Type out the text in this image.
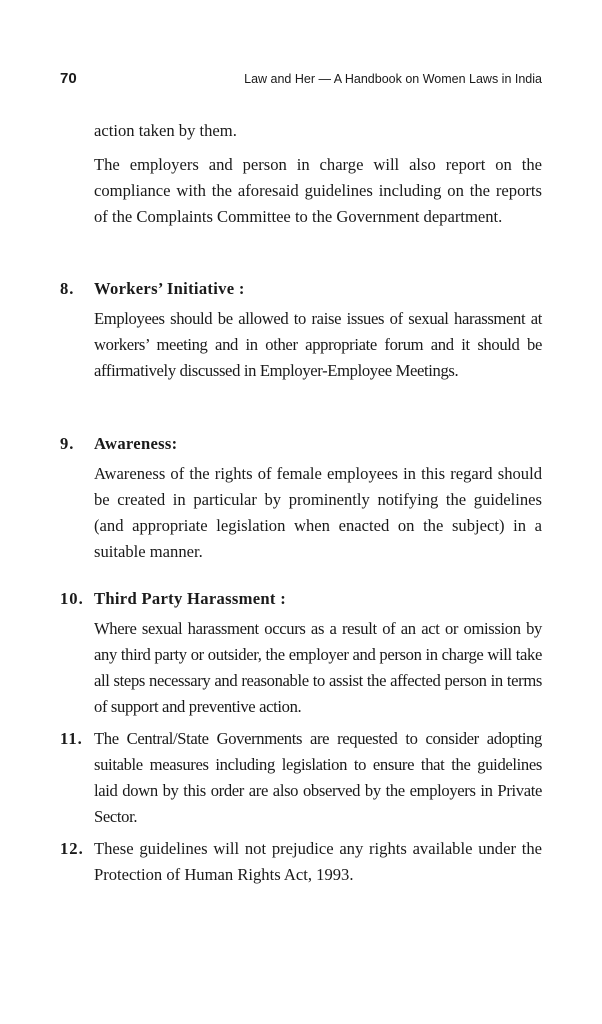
70	Law and Her — A Handbook on Women Laws in India

action taken by them.

The employers and person in charge will also report on the compliance with the aforesaid guidelines including on the reports of the Complaints Committee to the Government department.

8. Workers’ Initiative :

Employees should be allowed to raise issues of sexual harassment at workers’ meeting and in other appropriate forum and it should be affirmatively discussed in Employer-Employee Meetings.

9. Awareness:

Awareness of the rights of female employees in this regard should be created in particular by prominently notifying the guidelines (and appropriate legislation when enacted on the subject) in a suitable manner.

10. Third Party Harassment :

Where sexual harassment occurs as a result of an act or omission by any third party or outsider, the employer and person in charge will take all steps necessary and reasonable to assist the affected person in terms of support and preventive action.

11. The Central/State Governments are requested to consider adopting suitable measures including legislation to ensure that the guidelines laid down by this order are also observed by the employers in Private Sector.

12. These guidelines will not prejudice any rights available under the Protection of Human Rights Act, 1993.
